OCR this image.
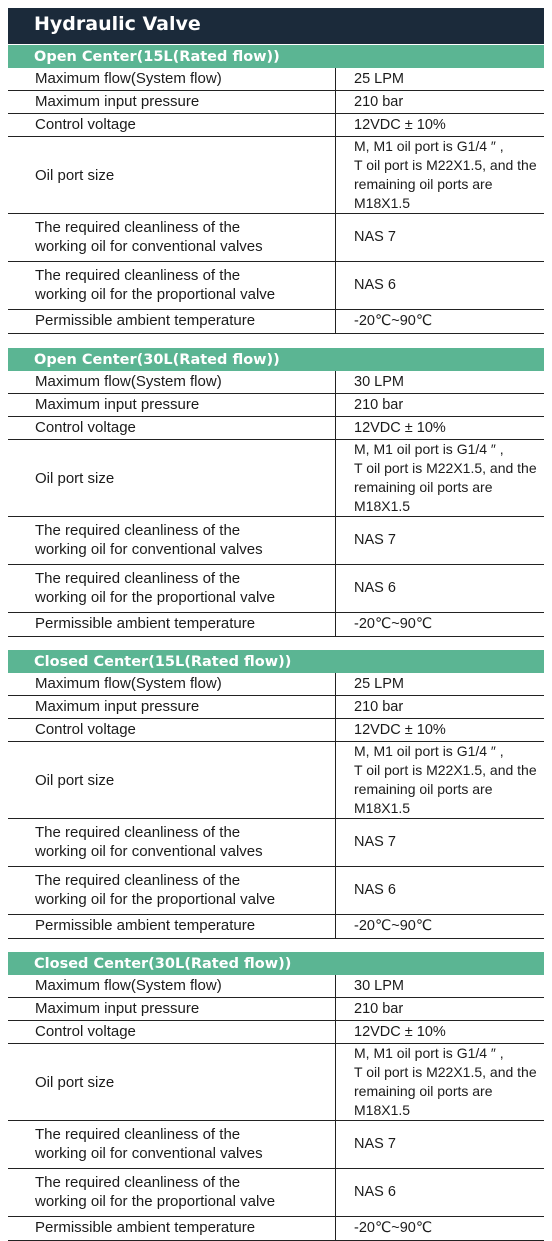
Hydraulic Valve
Open Center(15L(Rated flow))
Maximum flow(System flow)	25 LPM
Maximum input pressure	210 bar
Control voltage	12VDC ± 10%
Oil port size	M, M1 oil port is G1/4 ″ ,
T oil port is M22X1.5, and the
remaining oil ports are M18X1.5

The required cleanliness of the
working oil for conventional valves	NAS 7

The required cleanliness of the
working oil for the proportional valve	NAS 6
Permissible ambient temperature	-20℃~90℃
Open Center(30L(Rated flow))
Maximum flow(System flow)	30 LPM
Maximum input pressure	210 bar
Control voltage	12VDC ± 10%
Oil port size	M, M1 oil port is G1/4 ″ ,
T oil port is M22X1.5, and the
remaining oil ports are M18X1.5

The required cleanliness of the
working oil for conventional valves	NAS 7

The required cleanliness of the
working oil for the proportional valve	NAS 6
Permissible ambient temperature	-20℃~90℃
Closed Center(15L(Rated flow))
Maximum flow(System flow)	25 LPM
Maximum input pressure	210 bar
Control voltage	12VDC ± 10%
Oil port size	M, M1 oil port is G1/4 ″ ,
T oil port is M22X1.5, and the
remaining oil ports are M18X1.5

The required cleanliness of the
working oil for conventional valves	NAS 7

The required cleanliness of the
working oil for the proportional valve	NAS 6
Permissible ambient temperature	-20℃~90℃
Closed Center(30L(Rated flow))
Maximum flow(System flow)	30 LPM
Maximum input pressure	210 bar
Control voltage	12VDC ± 10%
Oil port size	M, M1 oil port is G1/4 ″ ,
T oil port is M22X1.5, and the
remaining oil ports are M18X1.5

The required cleanliness of the
working oil for conventional valves	NAS 7

The required cleanliness of the
working oil for the proportional valve	NAS 6
Permissible ambient temperature	-20℃~90℃
